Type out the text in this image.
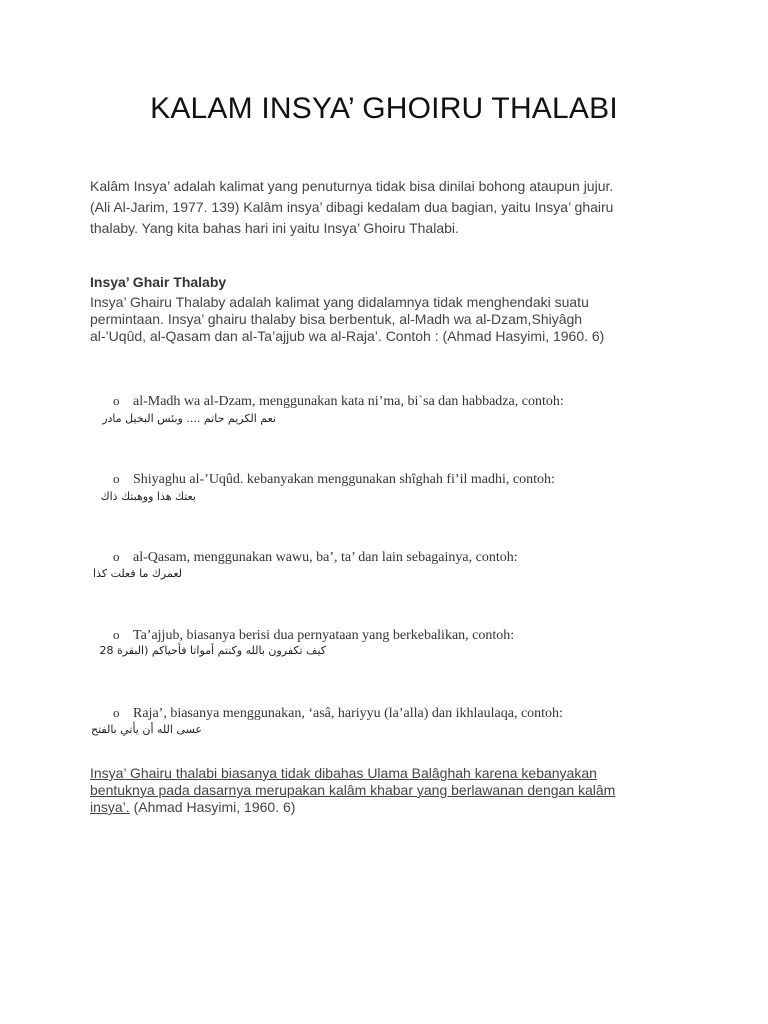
KALAM INSYA’ GHOIRU THALABI
Kalâm Insya’ adalah kalimat yang penuturnya tidak bisa dinilai bohong ataupun jujur.
(Ali Al-Jarim, 1977. 139) Kalâm insya’ dibagi kedalam dua bagian, yaitu Insya’ ghairu
thalaby. Yang kita bahas hari ini yaitu Insya’ Ghoiru Thalabi.
Insya’ Ghair Thalaby
Insya’ Ghairu Thalaby adalah kalimat yang didalamnya tidak menghendaki suatu
permintaan. Insya’ ghairu thalaby bisa berbentuk, al-Madh wa al-Dzam,Shiyâgh
al-’Uqûd, al-Qasam dan al-Ta’ajjub wa al-Raja’. Contoh : (Ahmad Hasyimi, 1960. 6)
o al-Madh wa al-Dzam, menggunakan kata ni’ma, bi`sa dan habbadza, contoh:
نعم الكريم حاتم .... وبئس البخيل مادر
o Shiyaghu al-’Uqûd. kebanyakan menggunakan shîghah fi’il madhi, contoh:
بعتك هذا ووهبتك ذاك
o al-Qasam, menggunakan wawu, ba’, ta’ dan lain sebagainya, contoh:
لعمرك ما فعلت كذا
o Ta’ajjub, biasanya berisi dua pernyataan yang berkebalikan, contoh:
كيف تكفرون بالله وكنتم أمواتا فأحياكم (البقرة 28
o Raja’, biasanya menggunakan, ‘asâ, hariyyu (la’alla) dan ikhlaulaqa, contoh:
عسى الله أن يأتي بالفتح
Insya’ Ghairu thalabi biasanya tidak dibahas Ulama Balâghah karena kebanyakan
bentuknya pada dasarnya merupakan kalâm khabar yang berlawanan dengan kalâm
insya’. (Ahmad Hasyimi, 1960. 6)
